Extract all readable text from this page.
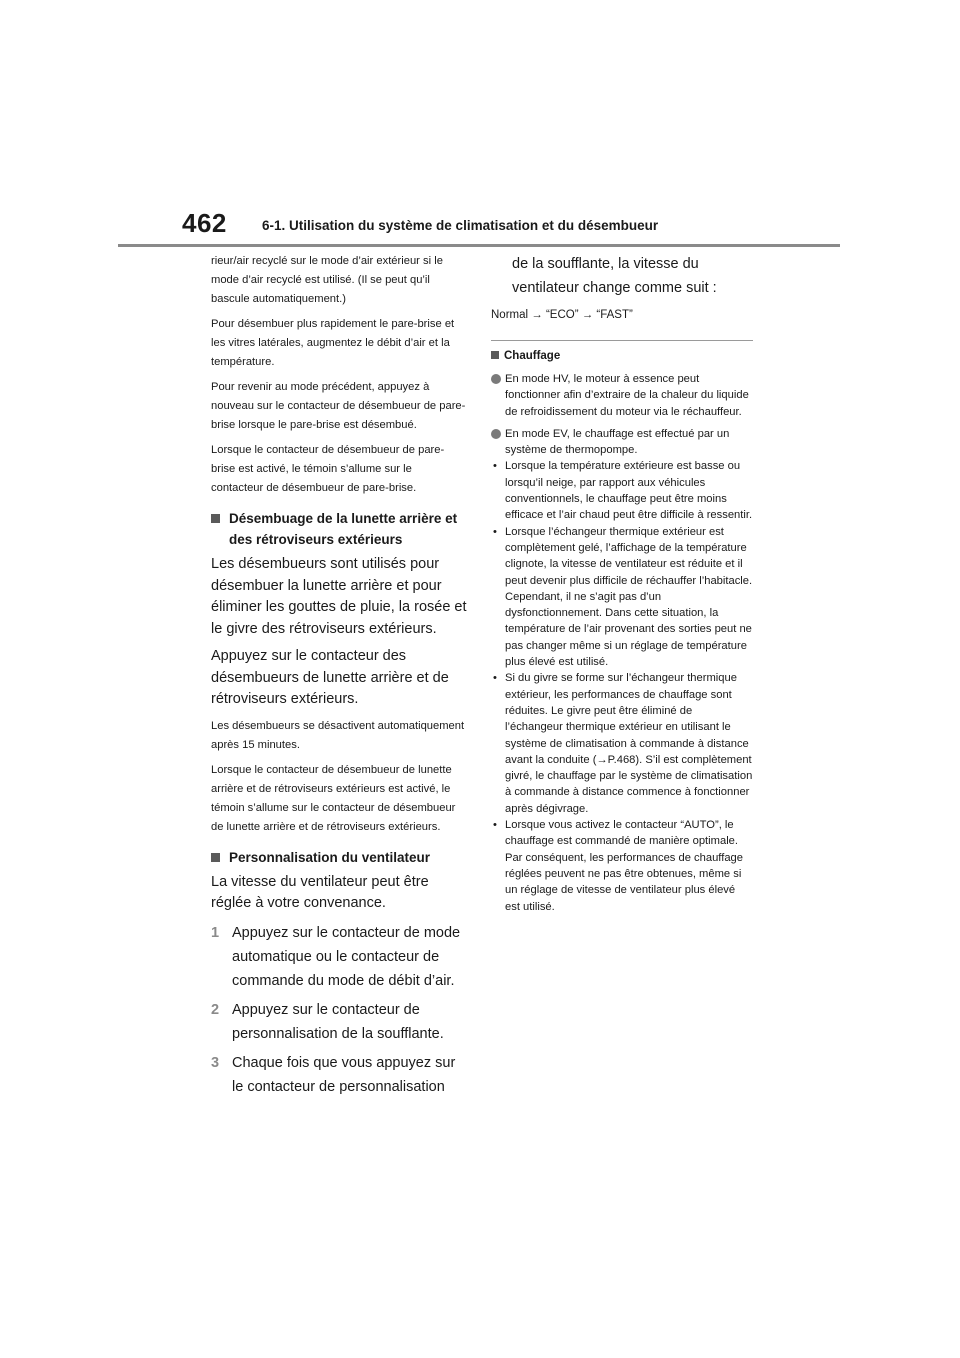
462	6-1. Utilisation du système de climatisation et du désembueur

rieur/air recyclé sur le mode d’air extérieur si le mode d’air recyclé est utilisé. (Il se peut qu’il bascule automatiquement.)

Pour désembuer plus rapidement le pare-brise et les vitres latérales, augmentez le débit d’air et la température.

Pour revenir au mode précédent, appuyez à nouveau sur le contacteur de désembueur de pare-brise lorsque le pare-brise est désembué.

Lorsque le contacteur de désembueur de pare-brise est activé, le témoin s’allume sur le contacteur de désembueur de pare-brise.

Désembuage de la lunette arrière et des rétroviseurs extérieurs

Les désembueurs sont utilisés pour désembuer la lunette arrière et pour éliminer les gouttes de pluie, la rosée et le givre des rétroviseurs extérieurs.

Appuyez sur le contacteur des désembueurs de lunette arrière et de rétroviseurs extérieurs.

Les désembueurs se désactivent automatiquement après 15 minutes.

Lorsque le contacteur de désembueur de lunette arrière et de rétroviseurs extérieurs est activé, le témoin s’allume sur le contacteur de désembueur de lunette arrière et de rétroviseurs extérieurs.

Personnalisation du ventilateur

La vitesse du ventilateur peut être réglée à votre convenance.

1 Appuyez sur le contacteur de mode automatique ou le contacteur de commande du mode de débit d’air.
2 Appuyez sur le contacteur de personnalisation de la soufflante.
3 Chaque fois que vous appuyez sur le contacteur de personnalisation
de la soufflante, la vitesse du ventilateur change comme suit :
Normal → “ECO” → “FAST”
Chauffage
En mode HV, le moteur à essence peut fonctionner afin d’extraire de la chaleur du liquide de refroidissement du moteur via le réchauffeur.
En mode EV, le chauffage est effectué par un système de thermopompe.
• Lorsque la température extérieure est basse ou lorsqu’il neige, par rapport aux véhicules conventionnels, le chauffage peut être moins efficace et l’air chaud peut être difficile à ressentir.
• Lorsque l’échangeur thermique extérieur est complètement gelé, l’affichage de la température clignote, la vitesse de ventilateur est réduite et il peut devenir plus difficile de réchauffer l’habitacle. Cependant, il ne s’agit pas d’un dysfonctionnement. Dans cette situation, la température de l’air provenant des sorties peut ne pas changer même si un réglage de température plus élevé est utilisé.
• Si du givre se forme sur l’échangeur thermique extérieur, les performances de chauffage sont réduites. Le givre peut être éliminé de l’échangeur thermique extérieur en utilisant le système de climatisation à commande à distance avant la conduite (→P.468). S’il est complètement givré, le chauffage par le système de climatisation à commande à distance commence à fonctionner après dégivrage.
• Lorsque vous activez le contacteur “AUTO”, le chauffage est commandé de manière optimale. Par conséquent, les performances de chauffage réglées peuvent ne pas être obtenues, même si un réglage de vitesse de ventilateur plus élevé est utilisé.
